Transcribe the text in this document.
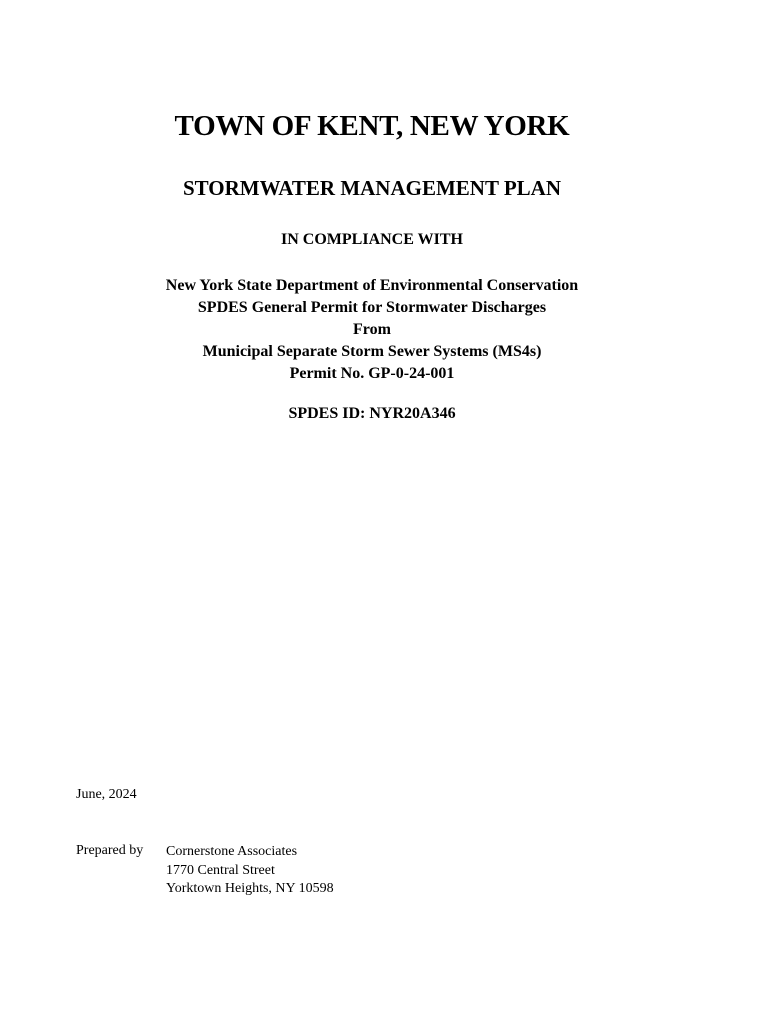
TOWN OF KENT, NEW YORK
STORMWATER MANAGEMENT PLAN
IN COMPLIANCE WITH
New York State Department of Environmental Conservation
SPDES General Permit for Stormwater Discharges
From
Municipal Separate Storm Sewer Systems (MS4s)
Permit No. GP-0-24-001
SPDES ID: NYR20A346
June, 2024
Prepared by Cornerstone Associates
1770 Central Street
Yorktown Heights, NY 10598
